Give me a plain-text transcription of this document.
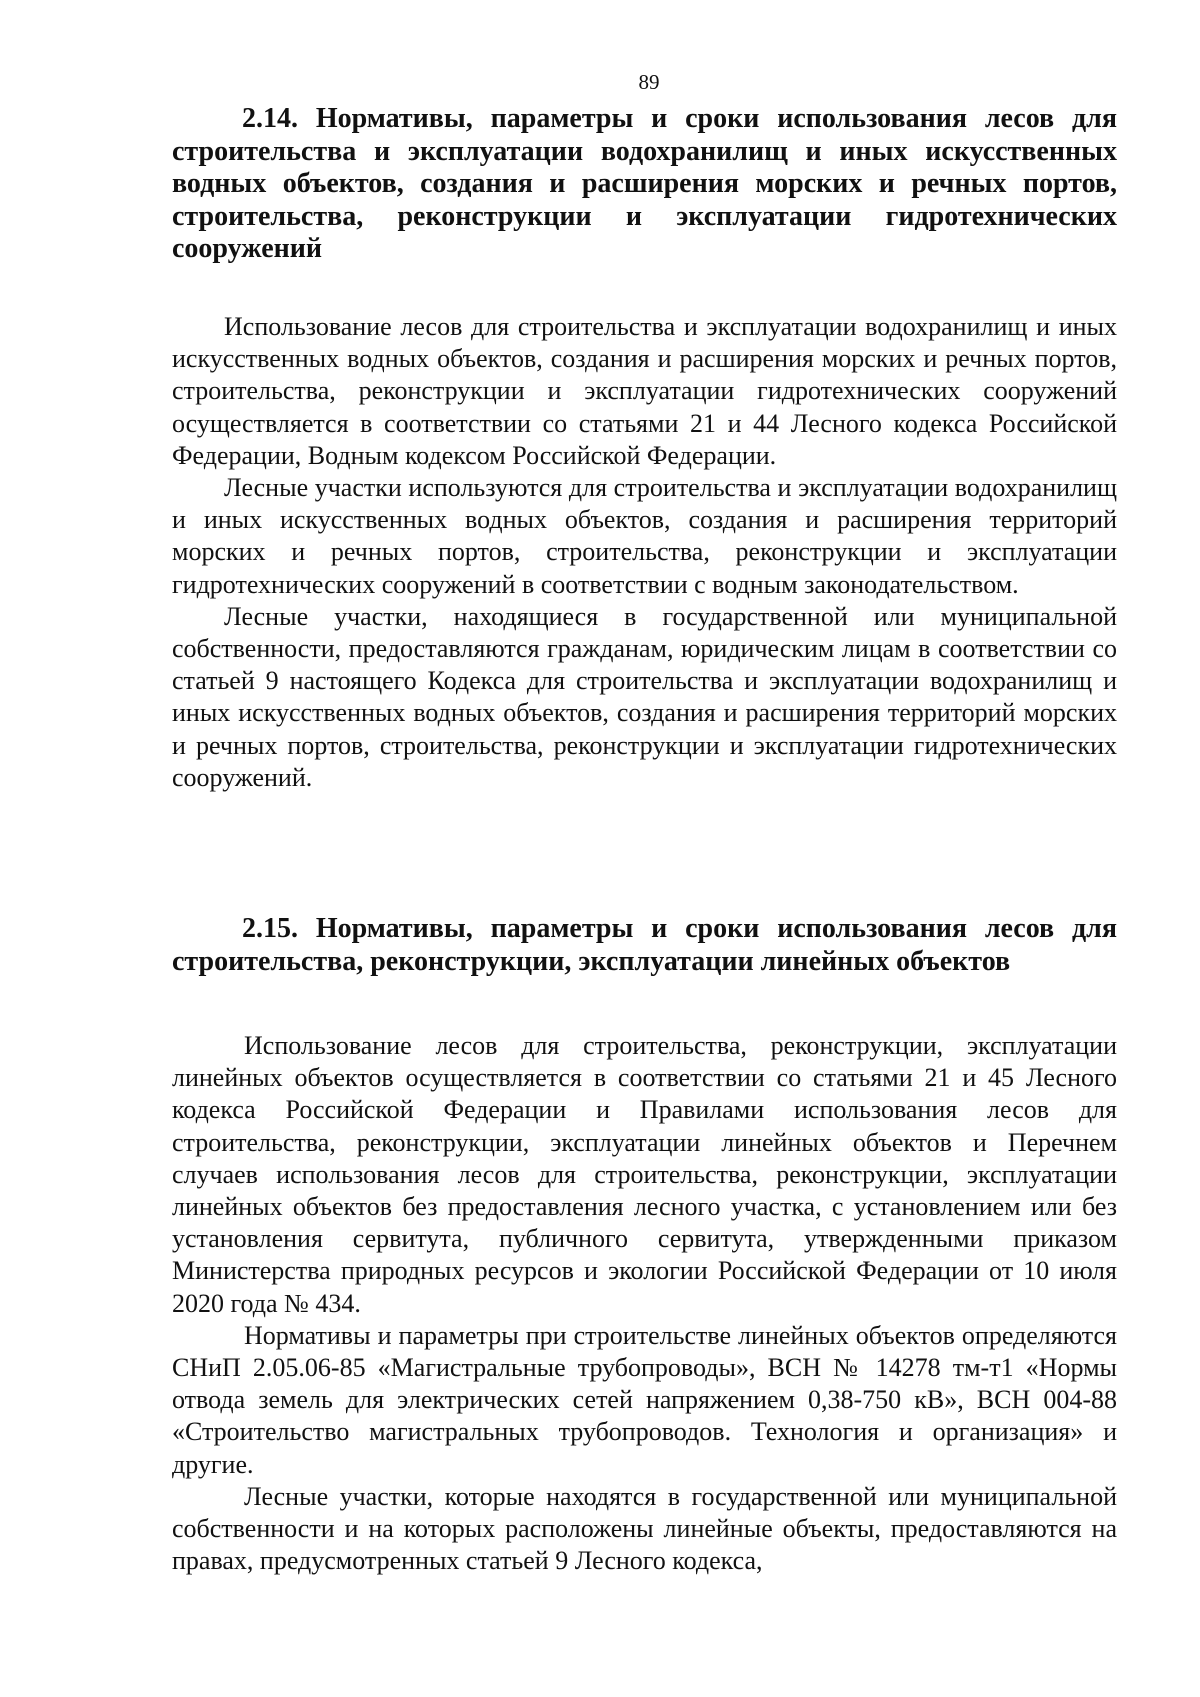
89
2.14. Нормативы, параметры и сроки использования лесов для строительства и эксплуатации водохранилищ и иных искусственных водных объектов, создания и расширения морских и речных портов, строительства, реконструкции и эксплуатации гидротехнических сооружений

Использование лесов для строительства и эксплуатации водохранилищ и иных искусственных водных объектов, создания и расширения морских и речных портов, строительства, реконструкции и эксплуатации гидротехнических сооружений осуществляется в соответствии со статьями 21 и 44 Лесного кодекса Российской Федерации, Водным кодексом Российской Федерации.

Лесные участки используются для строительства и эксплуатации водохранилищ и иных искусственных водных объектов, создания и расширения территорий морских и речных портов, строительства, реконструкции и эксплуатации гидротехнических сооружений в соответствии с водным законодательством.

Лесные участки, находящиеся в государственной или муниципальной собственности, предоставляются гражданам, юридическим лицам в соответствии со статьей 9 настоящего Кодекса для строительства и эксплуатации водохранилищ и иных искусственных водных объектов, создания и расширения территорий морских и речных портов, строительства, реконструкции и эксплуатации гидротехнических сооружений.

2.15. Нормативы, параметры и сроки использования лесов для строительства, реконструкции, эксплуатации линейных объектов

Использование лесов для строительства, реконструкции, эксплуатации линейных объектов осуществляется в соответствии со статьями 21 и 45 Лесного кодекса Российской Федерации и Правилами использования лесов для строительства, реконструкции, эксплуатации линейных объектов и Перечнем случаев использования лесов для строительства, реконструкции, эксплуатации линейных объектов без предоставления лесного участка, с установлением или без установления сервитута, публичного сервитута, утвержденными приказом Министерства природных ресурсов и экологии Российской Федерации от 10 июля 2020 года № 434.

Нормативы и параметры при строительстве линейных объектов определяются СНиП 2.05.06-85 «Магистральные трубопроводы», ВСН № 14278 тм-т1 «Нормы отвода земель для электрических сетей напряжением 0,38-750 кВ», ВСН 004-88 «Строительство магистральных трубопроводов. Технология и организация» и другие.

Лесные участки, которые находятся в государственной или муниципальной собственности и на которых расположены линейные объекты, предоставляются на правах, предусмотренных статьей 9 Лесного кодекса,
